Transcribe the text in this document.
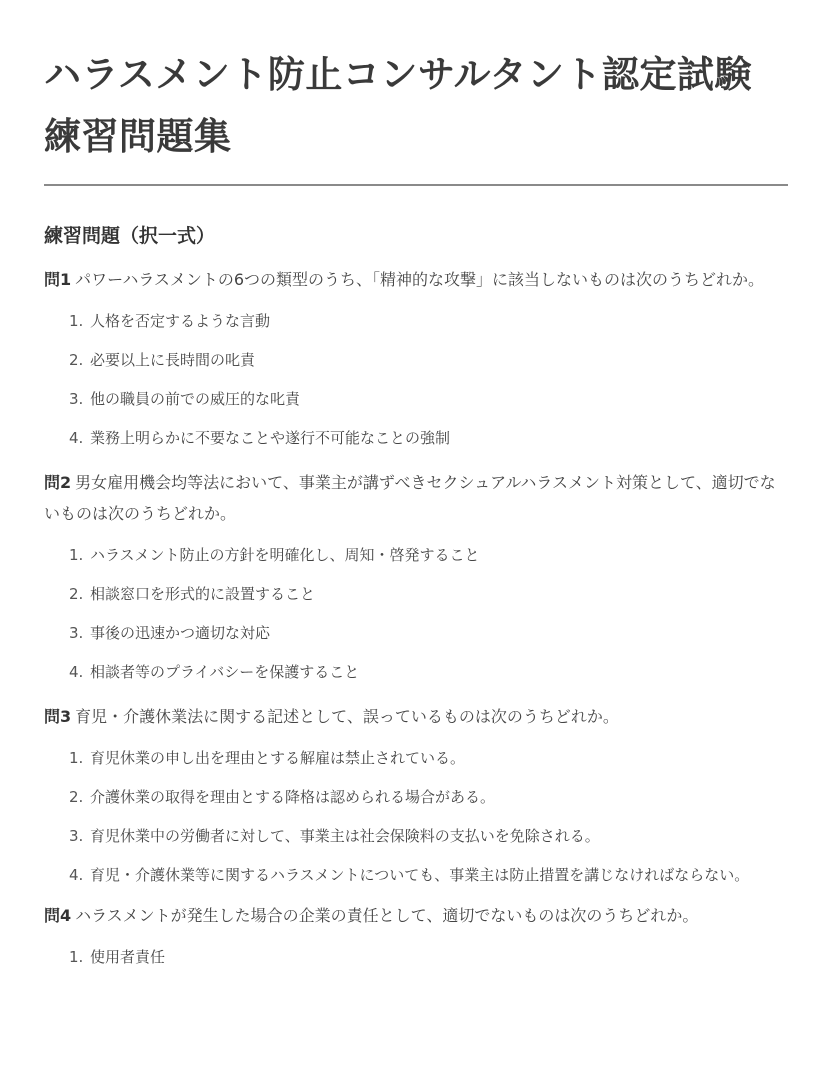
ハラスメント防止コンサルタント認定試験
練習問題集
練習問題（択一式）

問1 パワーハラスメントの6つの類型のうち、「精神的な攻撃」に該当しないものは次のうちどれか。

1. 人格を否定するような言動
2. 必要以上に長時間の叱責
3. 他の職員の前での威圧的な叱責
4. 業務上明らかに不要なことや遂行不可能なことの強制

問2 男女雇用機会均等法において、事業主が講ずべきセクシュアルハラスメント対策として、適切でないものは次のうちどれか。

1. ハラスメント防止の方針を明確化し、周知・啓発すること
2. 相談窓口を形式的に設置すること
3. 事後の迅速かつ適切な対応
4. 相談者等のプライバシーを保護すること

問3 育児・介護休業法に関する記述として、誤っているものは次のうちどれか。

1. 育児休業の申し出を理由とする解雇は禁止されている。
2. 介護休業の取得を理由とする降格は認められる場合がある。
3. 育児休業中の労働者に対して、事業主は社会保険料の支払いを免除される。
4. 育児・介護休業等に関するハラスメントについても、事業主は防止措置を講じなければならない。

問4 ハラスメントが発生した場合の企業の責任として、適切でないものは次のうちどれか。

1. 使用者責任
